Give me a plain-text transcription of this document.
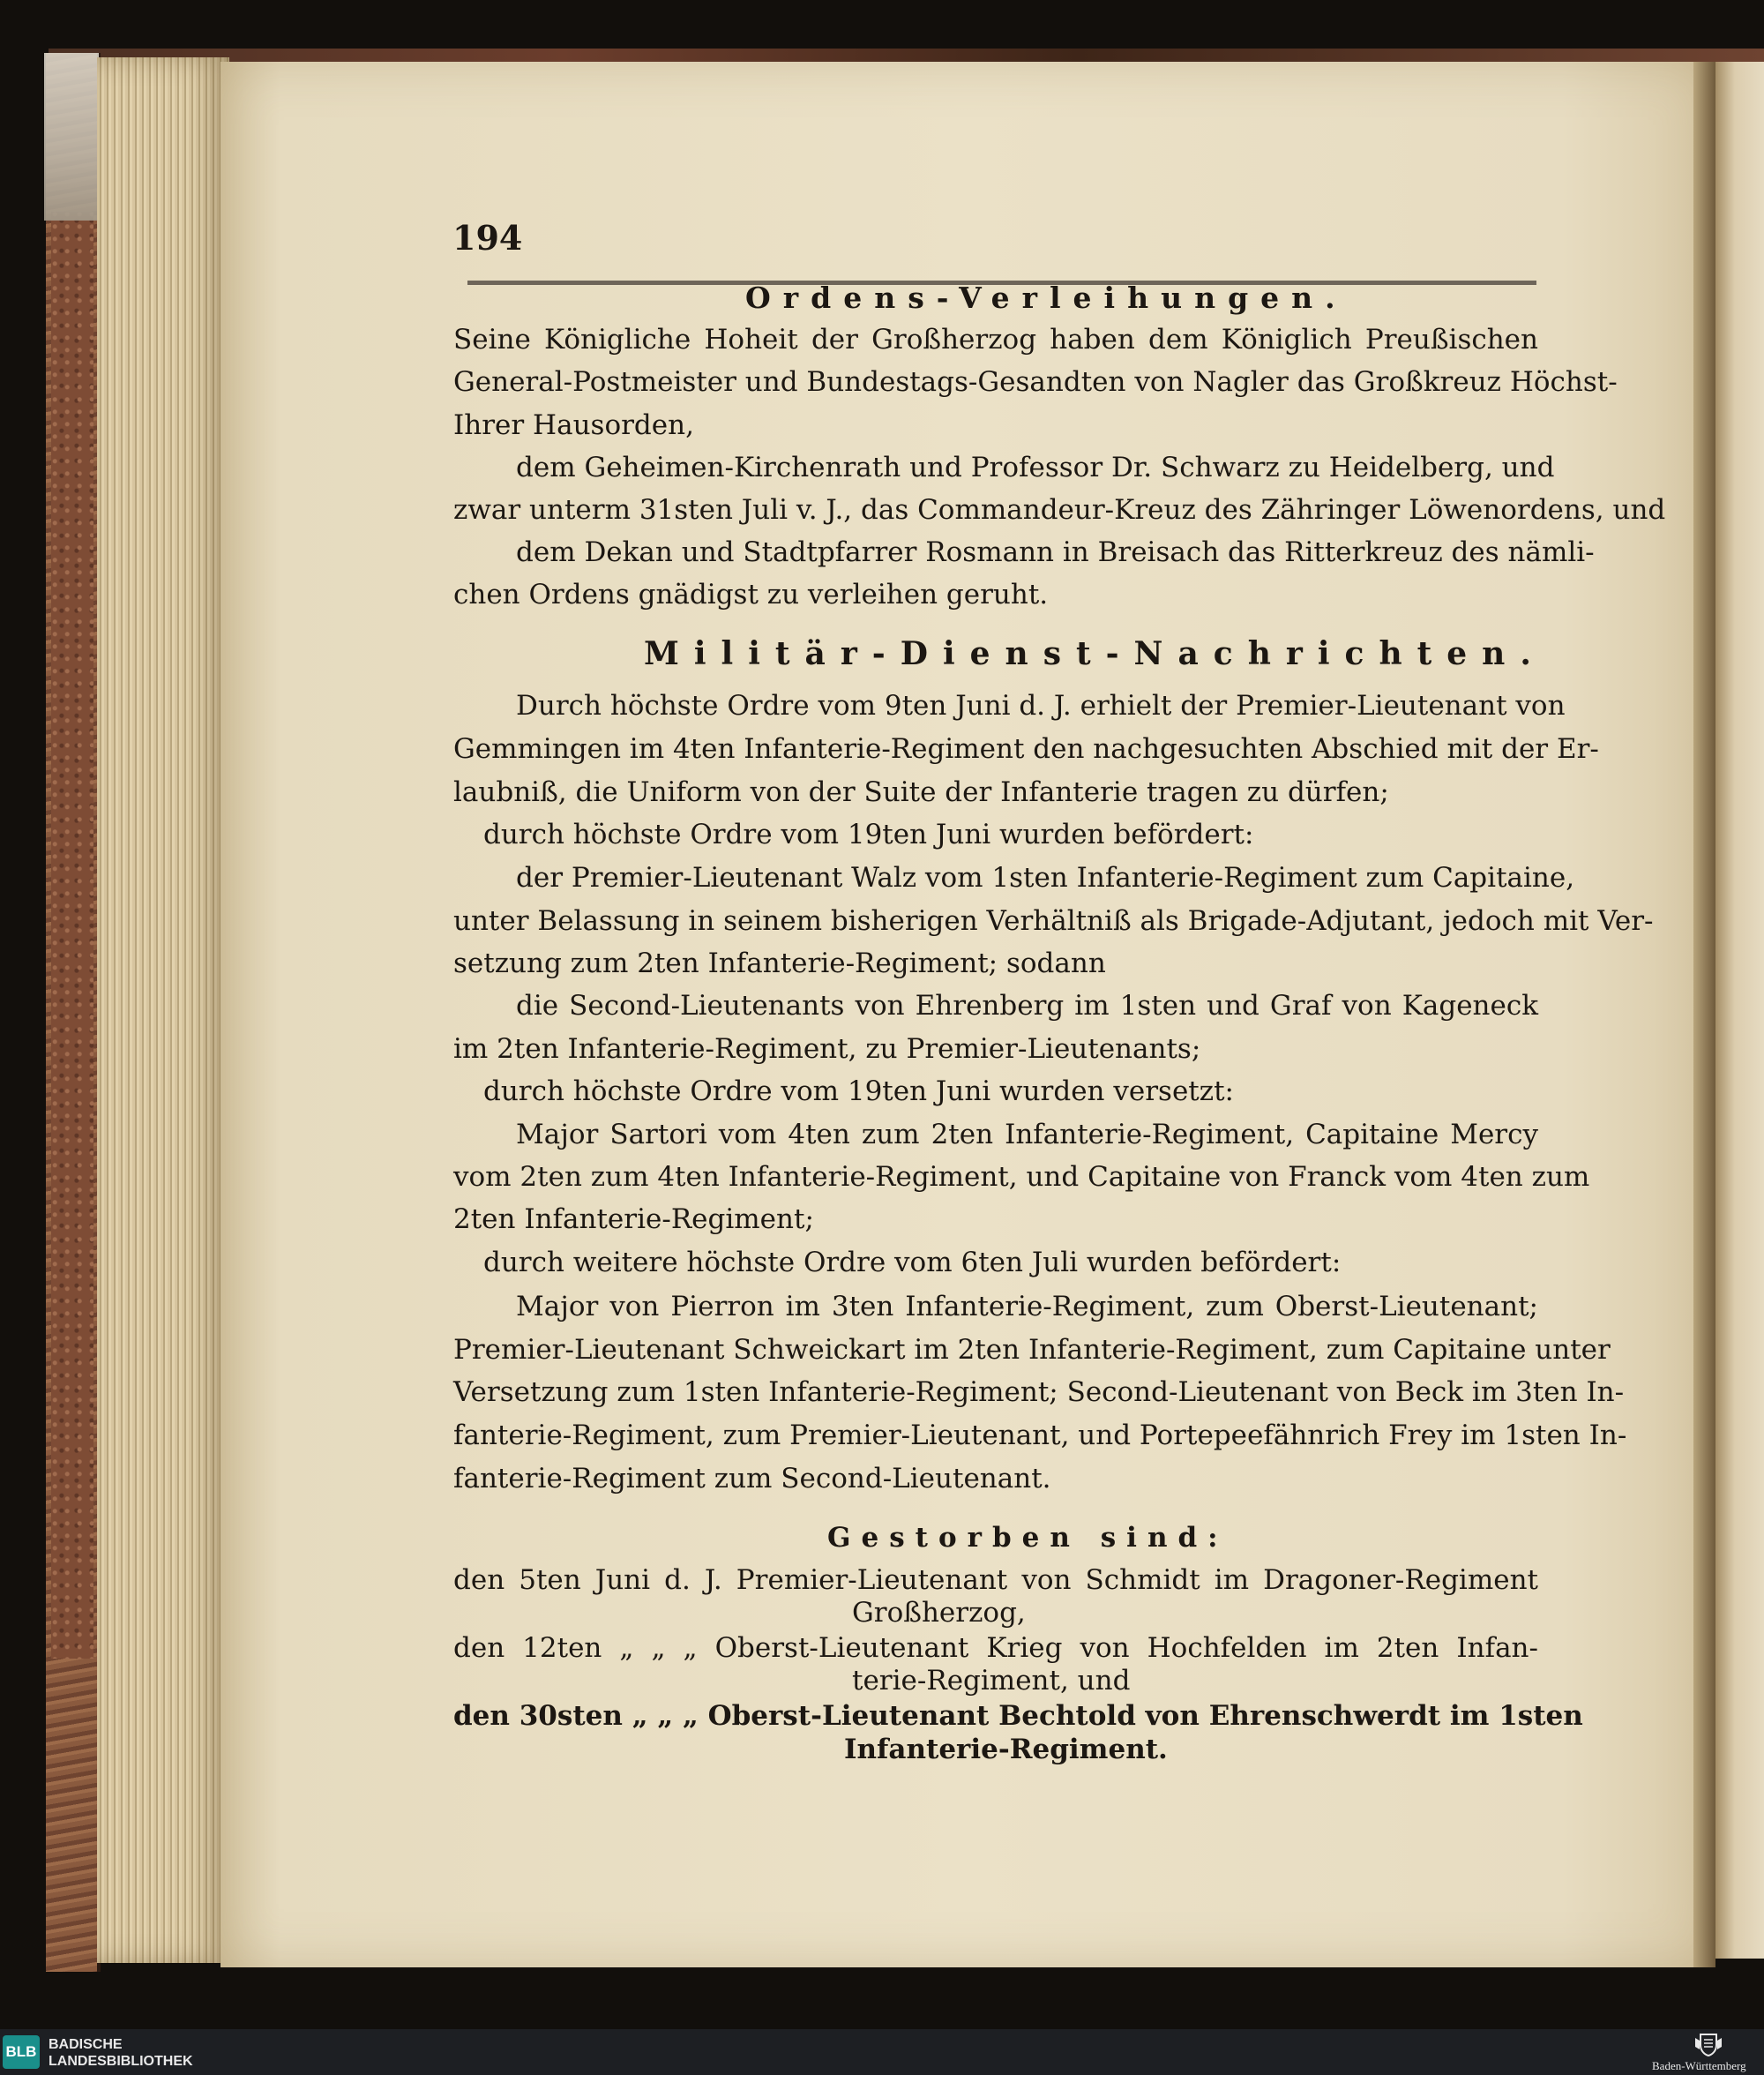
194
Ordens-Verleihungen.
Seine Königliche Hoheit der Großherzog haben dem Königlich Preußischen
General-Postmeister und Bundestags-Gesandten von Nagler das Großkreuz Höchst-
Ihrer Hausorden,
dem Geheimen-Kirchenrath und Professor Dr. Schwarz zu Heidelberg, und
zwar unterm 31sten Juli v. J., das Commandeur-Kreuz des Zähringer Löwenordens, und
dem Dekan und Stadtpfarrer Rosmann in Breisach das Ritterkreuz des nämli-
chen Ordens gnädigst zu verleihen geruht.
Militär-Dienst-Nachrichten.
Durch höchste Ordre vom 9ten Juni d. J. erhielt der Premier-Lieutenant von
Gemmingen im 4ten Infanterie-Regiment den nachgesuchten Abschied mit der Er-
laubniß, die Uniform von der Suite der Infanterie tragen zu dürfen;
durch höchste Ordre vom 19ten Juni wurden befördert:
der Premier-Lieutenant Walz vom 1sten Infanterie-Regiment zum Capitaine,
unter Belassung in seinem bisherigen Verhältniß als Brigade-Adjutant, jedoch mit Ver-
setzung zum 2ten Infanterie-Regiment; sodann
die Second-Lieutenants von Ehrenberg im 1sten und Graf von Kageneck
im 2ten Infanterie-Regiment, zu Premier-Lieutenants;
durch höchste Ordre vom 19ten Juni wurden versetzt:
Major Sartori vom 4ten zum 2ten Infanterie-Regiment, Capitaine Mercy
vom 2ten zum 4ten Infanterie-Regiment, und Capitaine von Franck vom 4ten zum
2ten Infanterie-Regiment;
durch weitere höchste Ordre vom 6ten Juli wurden befördert:
Major von Pierron im 3ten Infanterie-Regiment, zum Oberst-Lieutenant;
Premier-Lieutenant Schweickart im 2ten Infanterie-Regiment, zum Capitaine unter
Versetzung zum 1sten Infanterie-Regiment; Second-Lieutenant von Beck im 3ten In-
fanterie-Regiment, zum Premier-Lieutenant, und Portepeefähnrich Frey im 1sten In-
fanterie-Regiment zum Second-Lieutenant.
Gestorben sind:
den 5ten Juni d. J. Premier-Lieutenant von Schmidt im Dragoner-Regiment
Großherzog,
den 12ten „ „ „ Oberst-Lieutenant Krieg von Hochfelden im 2ten Infan-
terie-Regiment, und
den 30sten „ „ „ Oberst-Lieutenant Bechtold von Ehrenschwerdt im 1sten
Infanterie-Regiment.
BLB BADISCHE
LANDESBIBLIOTHEK	Baden-Württemberg
